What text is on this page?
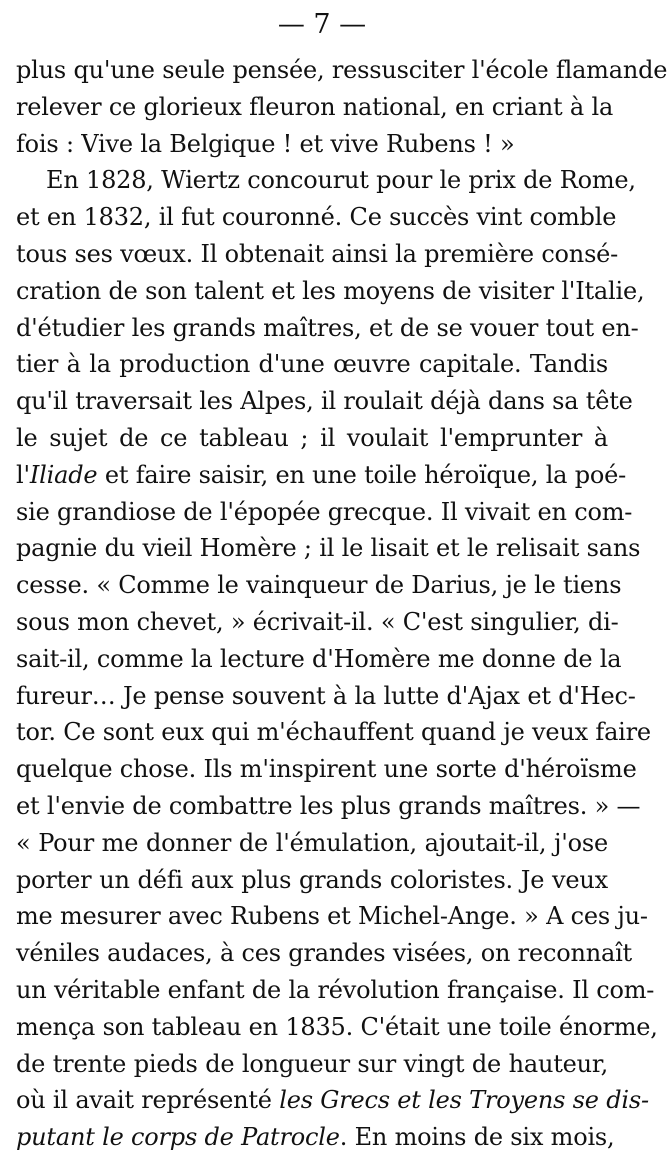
— 7 —
plus qu'une seule pensée, ressusciter l'école flamande
relever ce glorieux fleuron national, en criant à la
fois : Vive la Belgique ! et vive Rubens ! »
En 1828, Wiertz concourut pour le prix de Rome,
et en 1832, il fut couronné. Ce succès vint comble
tous ses vœux. Il obtenait ainsi la première consé-
cration de son talent et les moyens de visiter l'Italie,
d'étudier les grands maîtres, et de se vouer tout en-
tier à la production d'une œuvre capitale. Tandis
qu'il traversait les Alpes, il roulait déjà dans sa tête
le sujet de ce tableau ; il voulait l'emprunter à
l'Iliade et faire saisir, en une toile héroïque, la poé-
sie grandiose de l'épopée grecque. Il vivait en com-
pagnie du vieil Homère ; il le lisait et le relisait sans
cesse. « Comme le vainqueur de Darius, je le tiens
sous mon chevet, » écrivait-il. « C'est singulier, di-
sait-il, comme la lecture d'Homère me donne de la
fureur… Je pense souvent à la lutte d'Ajax et d'Hec-
tor. Ce sont eux qui m'échauffent quand je veux faire
quelque chose. Ils m'inspirent une sorte d'héroïsme
et l'envie de combattre les plus grands maîtres. » —
« Pour me donner de l'émulation, ajoutait-il, j'ose
porter un défi aux plus grands coloristes. Je veux
me mesurer avec Rubens et Michel-Ange. » A ces ju-
véniles audaces, à ces grandes visées, on reconnaît
un véritable enfant de la révolution française. Il com-
mença son tableau en 1835. C'était une toile énorme,
de trente pieds de longueur sur vingt de hauteur,
où il avait représenté les Grecs et les Troyens se dis-
putant le corps de Patrocle. En moins de six mois,
